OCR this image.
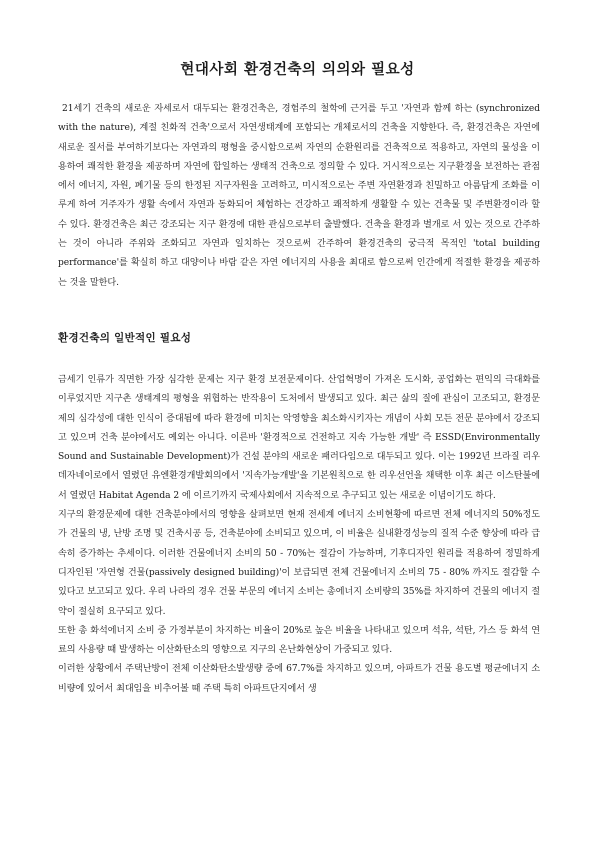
현대사회 환경건축의 의의와 필요성

21세기 건축의 새로운 자세로서 대두되는 환경건축은, 경험주의 철학에 근거를 두고 '자연과 함께 하는 (synchronized with the nature), 계절 친화적 건축'으로서 자연생태계에 포함되는 개체로서의 건축을 지향한다. 즉, 환경건축은 자연에 새로운 질서를 부여하기보다는 자연과의 평형을 중시함으로써 자연의 순환원리를 건축적으로 적용하고, 자연의 물성을 이용하여 쾌적한 환경을 제공하며 자연에 합일하는 생태적 건축으로 정의할 수 있다. 거시적으로는 지구환경을 보전하는 관점에서 에너지, 자원, 폐기물 등의 한정된 지구자원을 고려하고, 미시적으로는 주변 자연환경과 친밀하고 아름답게 조화를 이루게 하여 거주자가 생활 속에서 자연과 동화되어 체험하는 건강하고 쾌적하게 생활할 수 있는 건축물 및 주변환경이라 할 수 있다. 환경건축은 최근 강조되는 지구 환경에 대한 관심으로부터 출발했다. 건축을 환경과 별개로 서 있는 것으로 간주하는 것이 아니라 주위와 조화되고 자연과 일치하는 것으로써 간주하여 환경건축의 궁극적 목적인 'total building performance'를 확실히 하고 대양이나 바람 같은 자연 에너지의 사용을 최대로 함으로써 인간에게 적절한 환경을 제공하는 것을 말한다.

환경건축의 일반적인 필요성

금세기 인류가 직면한 가장 심각한 문제는 지구 환경 보전문제이다. 산업혁명이 가져온 도시화, 공업화는 편익의 극대화를 이루었지만 지구촌 생태계의 평형을 위협하는 반작용이 도처에서 발생되고 있다. 최근 삶의 질에 관심이 고조되고, 환경문제의 심각성에 대한 인식이 증대됨에 따라 환경에 미치는 악영향을 최소화시키자는 개념이 사회 모든 전문 분야에서 강조되고 있으며 건축 분야에서도 예외는 아니다. 이른바 '환경적으로 건전하고 지속 가능한 개발' 즉 ESSD(Environmentally Sound and Sustainable Development)가 건설 분야의 새로운 패러다임으로 대두되고 있다. 이는 1992년 브라질 리우데자네이로에서 열렸던 유엔환경개발회의에서 '지속가능개발'을 기본원칙으로 한 리우선언을 채택한 이후 최근 이스탄불에서 열렸던 Habitat Agenda 2 에 이르기까지 국제사회에서 지속적으로 추구되고 있는 새로운 이념이기도 하다.

지구의 환경문제에 대한 건축분야에서의 영향을 살펴보면 현재 전세계 에너지 소비현황에 따르면 전체 에너지의 50%정도가 건물의 냉, 난방 조명 및 건축시공 등, 건축분야에 소비되고 있으며, 이 비율은 실내환경성능의 질적 수준 향상에 따라 급속히 증가하는 추세이다. 이러한 건물에너지 소비의 50 - 70%는 절감이 가능하며, 기후디자인 원리를 적용하여 정밀하게 디자인된 '자연형 건물(passively designed building)'이 보급되면 전체 건물에너지 소비의 75 - 80% 까지도 절감할 수 있다고 보고되고 있다. 우리 나라의 경우 건물 부문의 에너지 소비는 총에너지 소비량의 35%를 차지하여 건물의 에너지 절약이 절실히 요구되고 있다.

또한 총 화석에너지 소비 중 가정부분이 차지하는 비율이 20%로 높은 비율을 나타내고 있으며 석유, 석탄, 가스 등 화석 연료의 사용량 때 발생하는 이산화탄소의 영향으로 지구의 온난화현상이 가중되고 있다.

이러한 상황에서 주택난방이 전체 이산화탄소발생량 중에 67.7%를 차지하고 있으며, 아파트가 건물 용도별 평균에너지 소비량에 있어서 최대임을 비추어볼 때 주택 특히 아파트단지에서 생
